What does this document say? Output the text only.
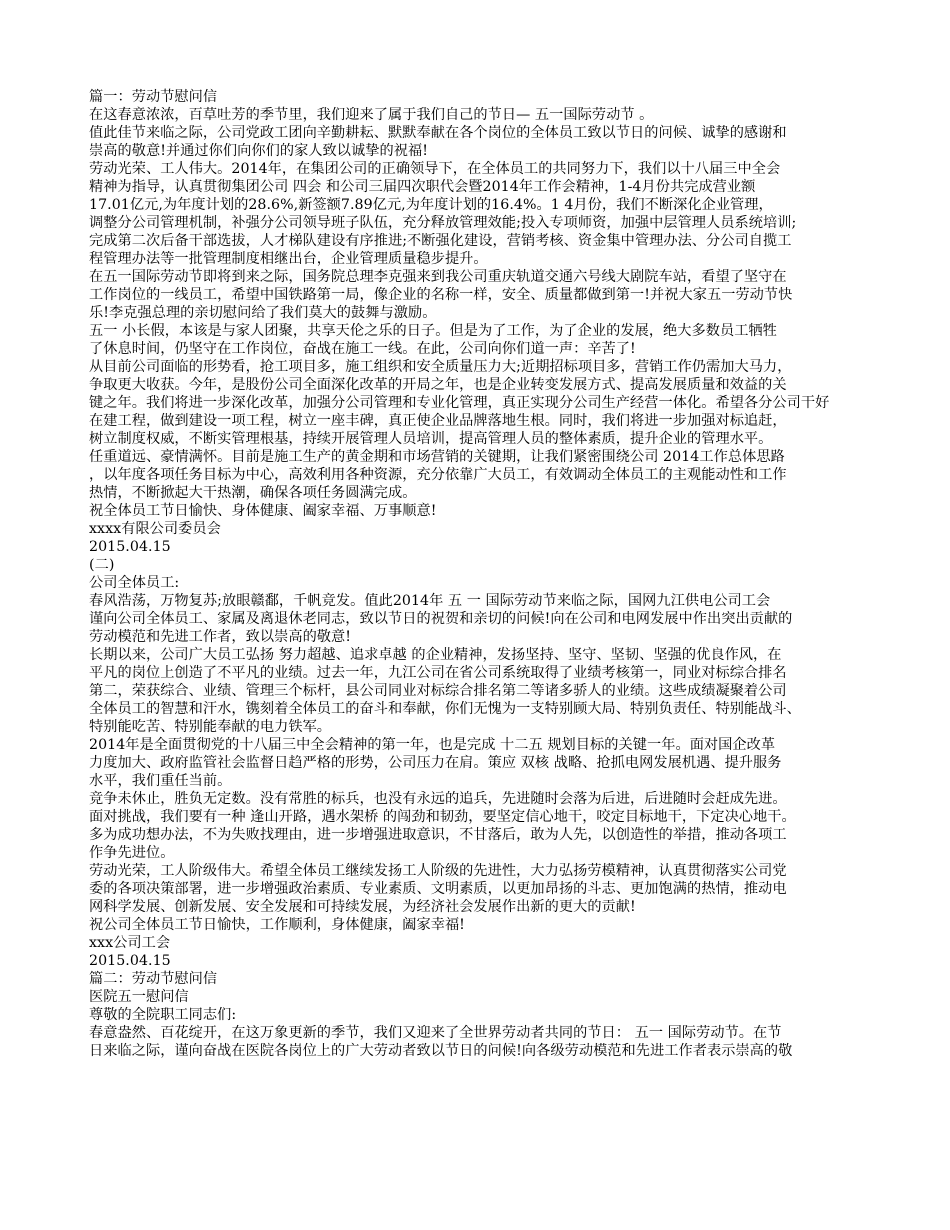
篇一：劳动节慰问信
在这春意浓浓，百草吐芳的季节里，我们迎来了属于我们自己的节日— 五一国际劳动节 。
值此佳节来临之际，公司党政工团向辛勤耕耘、默默奉献在各个岗位的全体员工致以节日的问候、诚挚的感谢和
崇高的敬意!并通过你们向你们的家人致以诚挚的祝福!
劳动光荣、工人伟大。2014年，在集团公司的正确领导下，在全体员工的共同努力下，我们以十八届三中全会
精神为指导，认真贯彻集团公司 四会 和公司三届四次职代会暨2014年工作会精神，1-4月份共完成营业额
17.01亿元,为年度计划的28.6%,新签额7.89亿元,为年度计划的16.4%。1 4月份，我们不断深化企业管理，
调整分公司管理机制，补强分公司领导班子队伍，充分释放管理效能;投入专项师资，加强中层管理人员系统培训;
完成第二次后备干部选拔，人才梯队建设有序推进;不断强化建设，营销考核、资金集中管理办法、分公司自揽工
程管理办法等一批管理制度相继出台，企业管理质量稳步提升。
在五一国际劳动节即将到来之际，国务院总理李克强来到我公司重庆轨道交通六号线大剧院车站，看望了坚守在
工作岗位的一线员工，希望中国铁路第一局，像企业的名称一样，安全、质量都做到第一!并祝大家五一劳动节快
乐!李克强总理的亲切慰问给了我们莫大的鼓舞与激励。
五一 小长假，本该是与家人团聚，共享天伦之乐的日子。但是为了工作，为了企业的发展，绝大多数员工牺牲
了休息时间，仍坚守在工作岗位，奋战在施工一线。在此，公司向你们道一声：辛苦了!
从目前公司面临的形势看，抢工项目多，施工组织和安全质量压力大;近期招标项目多，营销工作仍需加大马力，
争取更大收获。今年，是股份公司全面深化改革的开局之年，也是企业转变发展方式、提高发展质量和效益的关
键之年。我们将进一步深化改革，加强分公司管理和专业化管理，真正实现分公司生产经营一体化。希望各分公司干好
在建工程，做到建设一项工程，树立一座丰碑，真正使企业品牌落地生根。同时，我们将进一步加强对标追赶，
树立制度权威，不断实管理根基，持续开展管理人员培训，提高管理人员的整体素质，提升企业的管理水平。
任重道远、豪情满怀。目前是施工生产的黄金期和市场营销的关键期，让我们紧密围绕公司 2014工作总体思路
，以年度各项任务目标为中心，高效利用各种资源，充分依靠广大员工，有效调动全体员工的主观能动性和工作
热情，不断掀起大干热潮，确保各项任务圆满完成。
祝全体员工节日愉快、身体健康、阖家幸福、万事顺意!
xxxx有限公司委员会
2015.04.15
(二)
公司全体员工:
春风浩荡，万物复苏;放眼赣鄱，千帆竞发。值此2014年 五 一 国际劳动节来临之际，国网九江供电公司工会
谨向公司全体员工、家属及离退休老同志，致以节日的祝贺和亲切的问候!向在公司和电网发展中作出突出贡献的
劳动模范和先进工作者，致以崇高的敬意!
长期以来，公司广大员工弘扬 努力超越、追求卓越 的企业精神，发扬坚持、坚守、坚韧、坚强的优良作风，在
平凡的岗位上创造了不平凡的业绩。过去一年，九江公司在省公司系统取得了业绩考核第一，同业对标综合排名
第二，荣获综合、业绩、管理三个标杆，县公司同业对标综合排名第二等诸多骄人的业绩。这些成绩凝聚着公司
全体员工的智慧和汗水，镌刻着全体员工的奋斗和奉献，你们无愧为一支特别顾大局、特别负责任、特别能战斗、
特别能吃苦、特别能奉献的电力铁军。
2014年是全面贯彻党的十八届三中全会精神的第一年，也是完成 十二五 规划目标的关键一年。面对国企改革
力度加大、政府监管社会监督日趋严格的形势，公司压力在肩。策应 双核 战略、抢抓电网发展机遇、提升服务
水平，我们重任当前。
竞争未休止，胜负无定数。没有常胜的标兵，也没有永远的追兵，先进随时会落为后进，后进随时会赶成先进。
面对挑战，我们要有一种 逢山开路，遇水架桥 的闯劲和韧劲，要坚定信心地干，咬定目标地干，下定决心地干。
多为成功想办法，不为失败找理由，进一步增强进取意识，不甘落后，敢为人先，以创造性的举措，推动各项工
作争先进位。
劳动光荣，工人阶级伟大。希望全体员工继续发扬工人阶级的先进性，大力弘扬劳模精神，认真贯彻落实公司党
委的各项决策部署，进一步增强政治素质、专业素质、文明素质，以更加昂扬的斗志、更加饱满的热情，推动电
网科学发展、创新发展、安全发展和可持续发展，为经济社会发展作出新的更大的贡献!
祝公司全体员工节日愉快，工作顺利，身体健康，阖家幸福!
xxx公司工会
2015.04.15
篇二：劳动节慰问信
医院五一慰问信
尊敬的全院职工同志们:
春意盎然、百花绽开，在这万象更新的季节，我们又迎来了全世界劳动者共同的节日： 五一 国际劳动节。在节
日来临之际，谨向奋战在医院各岗位上的广大劳动者致以节日的问候!向各级劳动模范和先进工作者表示崇高的敬
